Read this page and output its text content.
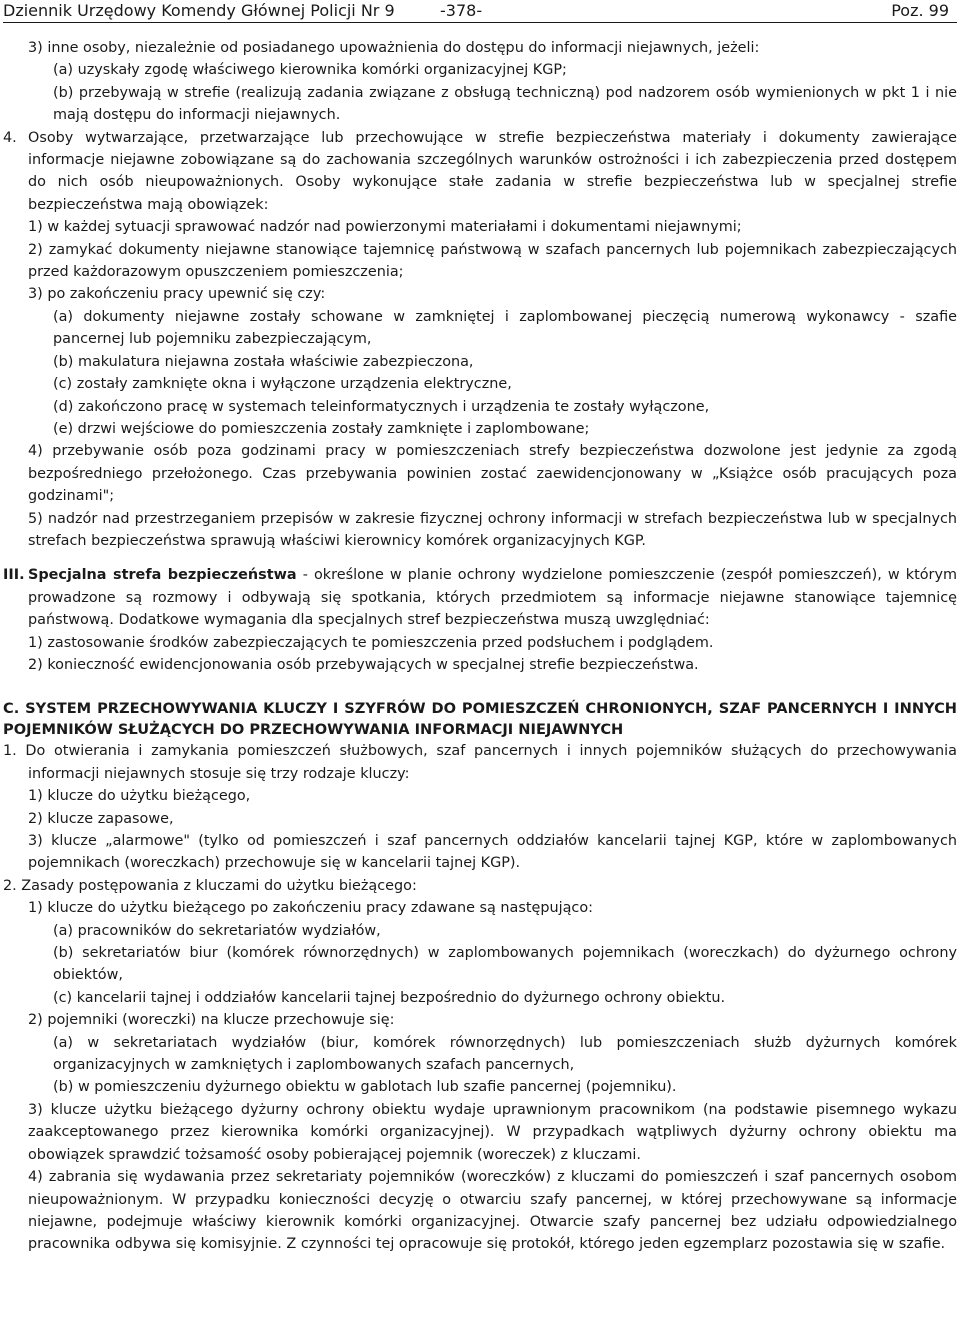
Dziennik Urzędowy Komendy Głównej Policji Nr 9	-378-	Poz. 99
3) inne osoby, niezależnie od posiadanego upoważnienia do dostępu do informacji niejawnych, jeżeli:
(a) uzyskały zgodę właściwego kierownika komórki organizacyjnej KGP;
(b) przebywają w strefie (realizują zadania związane z obsługą techniczną) pod nadzorem osób wymienionych w pkt 1 i nie mają dostępu do informacji niejawnych.
4. Osoby wytwarzające, przetwarzające lub przechowujące w strefie bezpieczeństwa materiały i dokumenty zawierające informacje niejawne zobowiązane są do zachowania szczególnych warunków ostrożności i ich zabezpieczenia przed dostępem do nich osób nieupoważnionych. Osoby wykonujące stałe zadania w strefie bezpieczeństwa lub w specjalnej strefie bezpieczeństwa mają obowiązek:
1) w każdej sytuacji sprawować nadzór nad powierzonymi materiałami i dokumentami niejawnymi;
2) zamykać dokumenty niejawne stanowiące tajemnicę państwową w szafach pancernych lub pojemnikach zabezpieczających przed każdorazowym opuszczeniem pomieszczenia;
3) po zakończeniu pracy upewnić się czy:
(a) dokumenty niejawne zostały schowane w zamkniętej i zaplombowanej pieczęcią numerową wykonawcy - szafie pancernej lub pojemniku zabezpieczającym,
(b) makulatura niejawna została właściwie zabezpieczona,
(c) zostały zamknięte okna i wyłączone urządzenia elektryczne,
(d) zakończono pracę w systemach teleinformatycznych i urządzenia te zostały wyłączone,
(e) drzwi wejściowe do pomieszczenia zostały zamknięte i zaplombowane;
4) przebywanie osób poza godzinami pracy w pomieszczeniach strefy bezpieczeństwa dozwolone jest jedynie za zgodą bezpośredniego przełożonego. Czas przebywania powinien zostać zaewidencjonowany w „Książce osób pracujących poza godzinami";
5) nadzór nad przestrzeganiem przepisów w zakresie fizycznej ochrony informacji w strefach bezpieczeństwa lub w specjalnych strefach bezpieczeństwa sprawują właściwi kierownicy komórek organizacyjnych KGP.
III. Specjalna strefa bezpieczeństwa - określone w planie ochrony wydzielone pomieszczenie (zespół pomieszczeń), w którym prowadzone są rozmowy i odbywają się spotkania, których przedmiotem są informacje niejawne stanowiące tajemnicę państwową. Dodatkowe wymagania dla specjalnych stref bezpieczeństwa muszą uwzględniać:
1) zastosowanie środków zabezpieczających te pomieszczenia przed podsłuchem i podglądem.
2) konieczność ewidencjonowania osób przebywających w specjalnej strefie bezpieczeństwa.
C. SYSTEM PRZECHOWYWANIA KLUCZY I SZYFRÓW DO POMIESZCZEŃ CHRONIONYCH, SZAF PANCERNYCH I INNYCH POJEMNIKÓW SŁUŻĄCYCH DO PRZECHOWYWANIA INFORMACJI NIEJAWNYCH
1. Do otwierania i zamykania pomieszczeń służbowych, szaf pancernych i innych pojemników służących do przechowywania informacji niejawnych stosuje się trzy rodzaje kluczy:
1) klucze do użytku bieżącego,
2) klucze zapasowe,
3) klucze „alarmowe" (tylko od pomieszczeń i szaf pancernych oddziałów kancelarii tajnej KGP, które w zaplombowanych pojemnikach (woreczkach) przechowuje się w kancelarii tajnej KGP).
2. Zasady postępowania z kluczami do użytku bieżącego:
1) klucze do użytku bieżącego po zakończeniu pracy zdawane są następująco:
(a) pracowników do sekretariatów wydziałów,
(b) sekretariatów biur (komórek równorzędnych) w zaplombowanych pojemnikach (woreczkach) do dyżurnego ochrony obiektów,
(c) kancelarii tajnej i oddziałów kancelarii tajnej bezpośrednio do dyżurnego ochrony obiektu.
2) pojemniki (woreczki) na klucze przechowuje się:
(a) w sekretariatach wydziałów (biur, komórek równorzędnych) lub pomieszczeniach służb dyżurnych komórek organizacyjnych w zamkniętych i zaplombowanych szafach pancernych,
(b) w pomieszczeniu dyżurnego obiektu w gablotach lub szafie pancernej (pojemniku).
3) klucze użytku bieżącego dyżurny ochrony obiektu wydaje uprawnionym pracownikom (na podstawie pisemnego wykazu zaakceptowanego przez kierownika komórki organizacyjnej). W przypadkach wątpliwych dyżurny ochrony obiektu ma obowiązek sprawdzić tożsamość osoby pobierającej pojemnik (woreczek) z kluczami.
4) zabrania się wydawania przez sekretariaty pojemników (woreczków) z kluczami do pomieszczeń i szaf pancernych osobom nieupoważnionym. W przypadku konieczności decyzję o otwarciu szafy pancernej, w której przechowywane są informacje niejawne, podejmuje właściwy kierownik komórki organizacyjnej. Otwarcie szafy pancernej bez udziału odpowiedzialnego pracownika odbywa się komisyjnie. Z czynności tej opracowuje się protokół, którego jeden egzemplarz pozostawia się w szafie.
